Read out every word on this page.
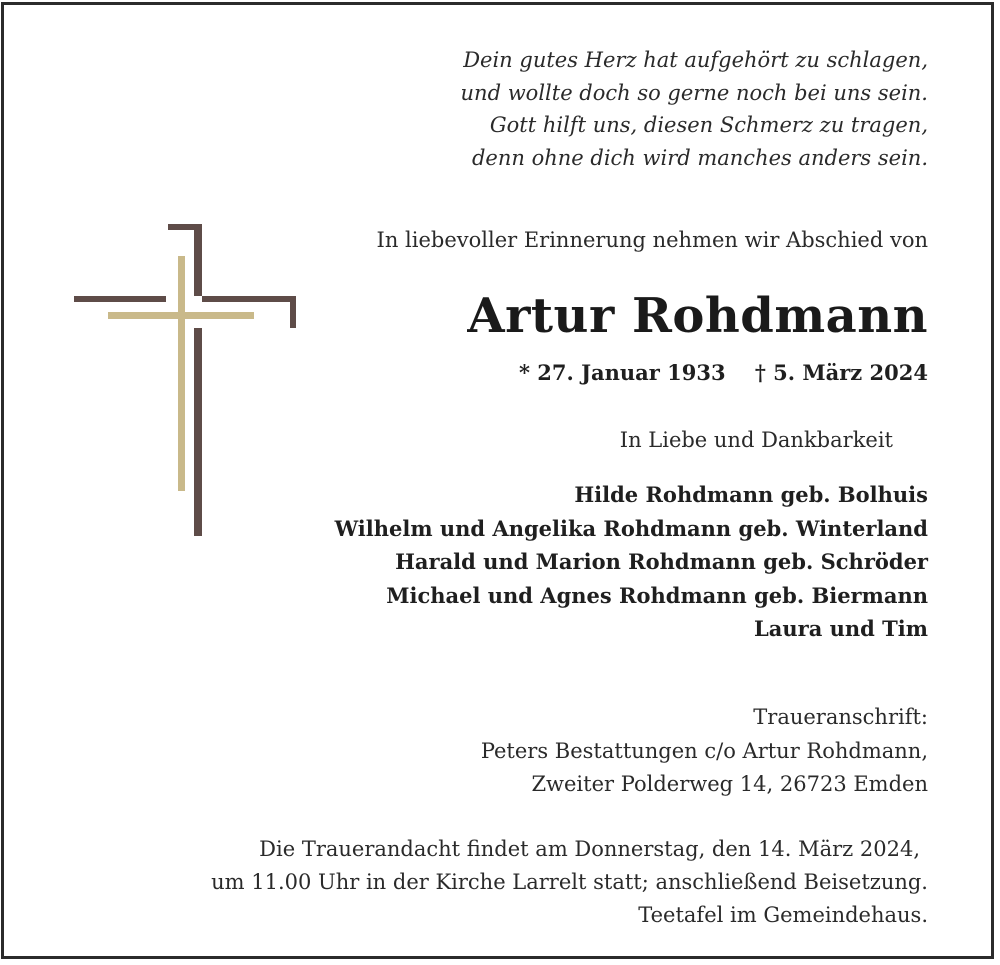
Dein gutes Herz hat aufgehört zu schlagen,
und wollte doch so gerne noch bei uns sein.
Gott hilft uns, diesen Schmerz zu tragen,
denn ohne dich wird manches anders sein.
In liebevoller Erinnerung nehmen wir Abschied von
Artur Rohdmann
* 27. Januar 1933 † 5. März 2024
In Liebe und Dankbarkeit
Hilde Rohdmann geb. Bolhuis
Wilhelm und Angelika Rohdmann geb. Winterland
Harald und Marion Rohdmann geb. Schröder
Michael und Agnes Rohdmann geb. Biermann
Laura und Tim
Traueranschrift:
Peters Bestattungen c/o Artur Rohdmann,
Zweiter Polderweg 14, 26723 Emden
Die Trauerandacht findet am Donnerstag, den 14. März 2024,
um 11.00 Uhr in der Kirche Larrelt statt; anschließend Beisetzung.
Teetafel im Gemeindehaus.
